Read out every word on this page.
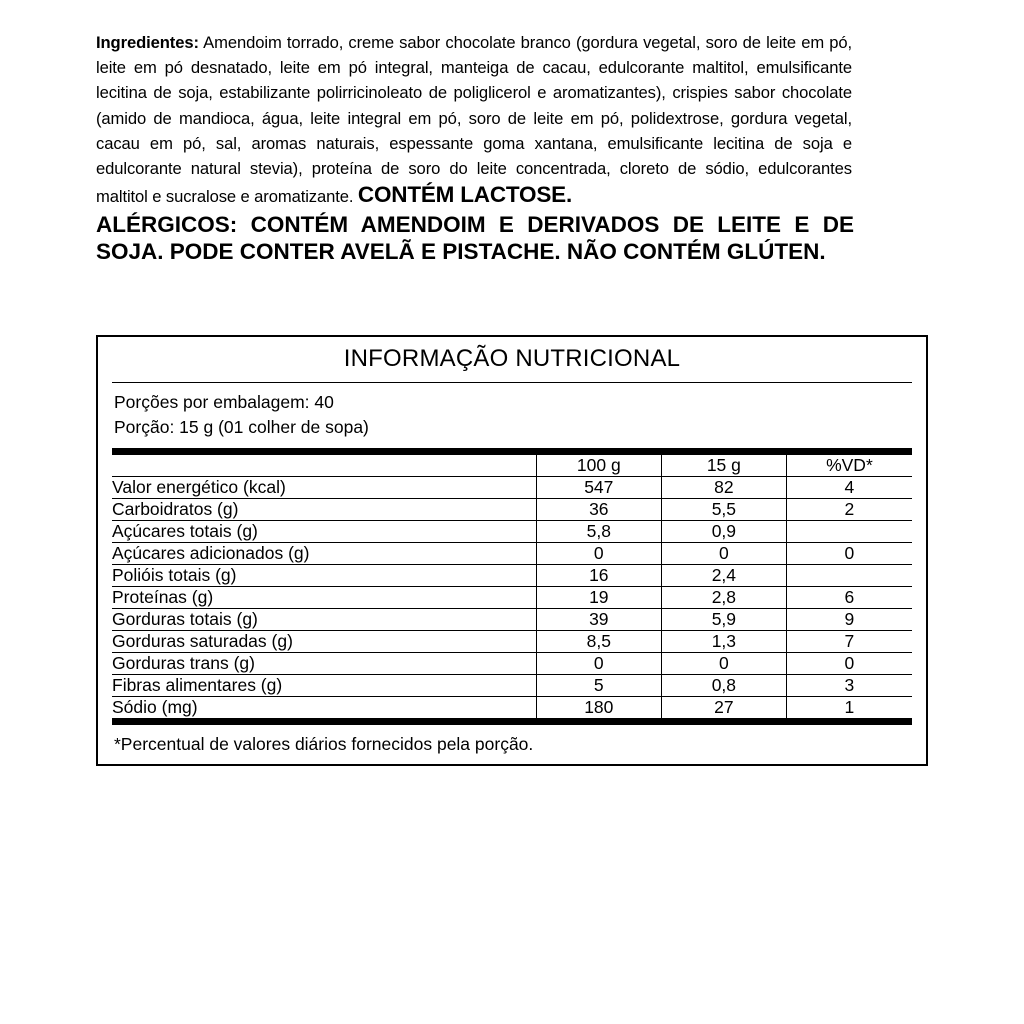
Ingredientes: Amendoim torrado, creme sabor chocolate branco (gordura vegetal, soro de leite em pó, leite em pó desnatado, leite em pó integral, manteiga de cacau, edulcorante maltitol, emulsificante lecitina de soja, estabilizante polirricinoleato de poliglicerol e aromatizantes), crispies sabor chocolate (amido de mandioca, água, leite integral em pó, soro de leite em pó, polidextrose, gordura vegetal, cacau em pó, sal, aromas naturais, espessante goma xantana, emulsificante lecitina de soja e edulcorante natural stevia), proteína de soro do leite concentrada, cloreto de sódio, edulcorantes maltitol e sucralose e aromatizante. CONTÉM LACTOSE.
ALÉRGICOS: CONTÉM AMENDOIM E DERIVADOS DE LEITE E DE SOJA. PODE CONTER AVELÃ E PISTACHE. NÃO CONTÉM GLÚTEN.
INFORMAÇÃO NUTRICIONAL
Porções por embalagem: 40
Porção: 15 g (01 colher de sopa)
	100 g	15 g	%VD*
Valor energético (kcal)	547	82	4
Carboidratos (g)	36	5,5	2
Açúcares totais (g)	5,8	0,9	
Açúcares adicionados (g)	0	0	0
Polióis totais (g)	16	2,4	
Proteínas (g)	19	2,8	6
Gorduras totais (g)	39	5,9	9
Gorduras saturadas (g)	8,5	1,3	7
Gorduras trans (g)	0	0	0
Fibras alimentares (g)	5	0,8	3
Sódio (mg)	180	27	1
*Percentual de valores diários fornecidos pela porção.
